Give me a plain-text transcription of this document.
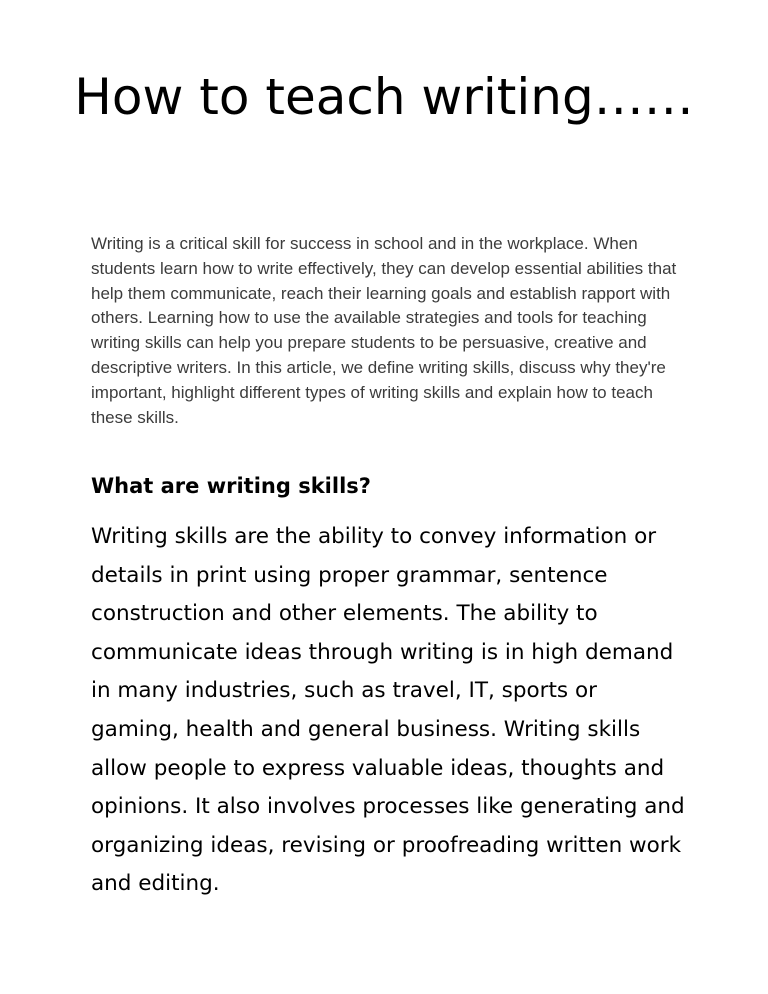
How to teach writing……

Writing is a critical skill for success in school and in the workplace. When students learn how to write effectively, they can develop essential abilities that help them communicate, reach their learning goals and establish rapport with others. Learning how to use the available strategies and tools for teaching writing skills can help you prepare students to be persuasive, creative and descriptive writers. In this article, we define writing skills, discuss why they're important, highlight different types of writing skills and explain how to teach these skills.

What are writing skills?

Writing skills are the ability to convey information or details in print using proper grammar, sentence construction and other elements. The ability to communicate ideas through writing is in high demand in many industries, such as travel, IT, sports or gaming, health and general business. Writing skills allow people to express valuable ideas, thoughts and opinions. It also involves processes like generating and organizing ideas, revising or proofreading written work and editing.
